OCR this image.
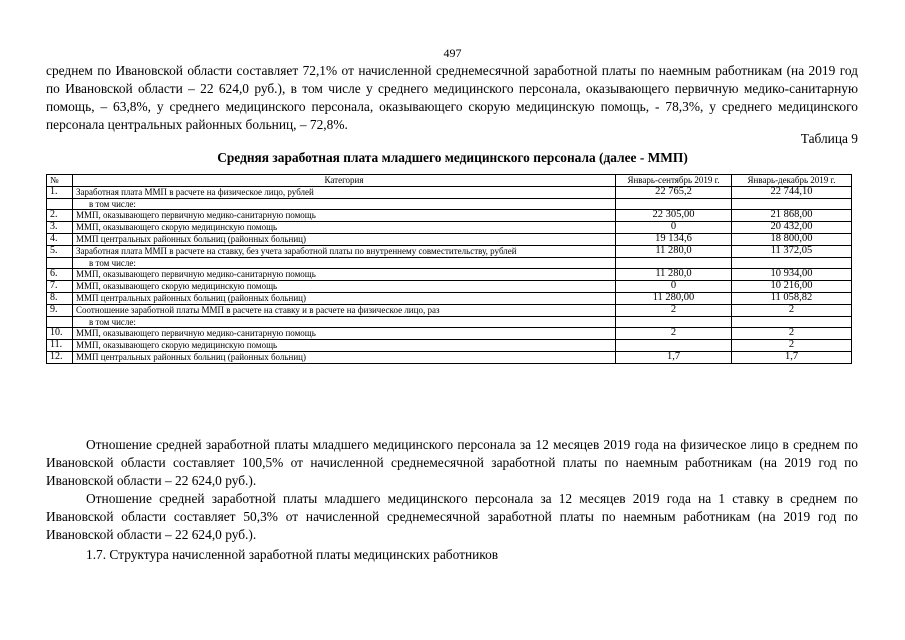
497
среднем по Ивановской области составляет 72,1% от начисленной среднемесячной заработной платы по наемным работникам (на 2019 год по Ивановской области – 22 624,0 руб.), в том числе у среднего медицинского персонала, оказывающего первичную медико-санитарную помощь, – 63,8%, у среднего медицинского персонала, оказывающего скорую медицинскую помощь, - 78,3%, у среднего медицинского персонала центральных районных больниц, – 72,8%.
Таблица 9
Средняя заработная плата младшего медицинского персонала (далее - ММП)
№	Категория	Январь-сентябрь 2019 г.	Январь-декабрь 2019 г.
1.	Заработная плата ММП в расчете на физическое лицо, рублей	22 765,2	22 744,10
	в том числе:		
2.	ММП, оказывающего первичную медико-санитарную помощь	22 305,00	21 868,00
3.	ММП, оказывающего скорую медицинскую помощь	0	20 432,00
4.	ММП центральных районных больниц (районных больниц)	19 134,6	18 800,00
5.	Заработная плата ММП в расчете на ставку, без учета заработной платы по внутреннему совместительству, рублей	11 280,0	11 372,05
	в том числе:		
6.	ММП, оказывающего первичную медико-санитарную помощь	11 280,0	10 934,00
7.	ММП, оказывающего скорую медицинскую помощь	0	10 216,00
8.	ММП центральных районных больниц (районных больниц)	11 280,00	11 058,82
9.	Соотношение заработной платы ММП в расчете на ставку и в расчете на физическое лицо, раз	2	2
	в том числе:		
10.	ММП, оказывающего первичную медико-санитарную помощь	2	2
11.	ММП, оказывающего скорую медицинскую помощь		2
12.	ММП центральных районных больниц (районных больниц)	1,7	1,7
Отношение средней заработной платы младшего медицинского персонала за 12 месяцев 2019 года на физическое лицо в среднем по Ивановской области составляет 100,5% от начисленной среднемесячной заработной платы по наемным работникам (на 2019 год по Ивановской области – 22 624,0 руб.).
Отношение средней заработной платы младшего медицинского персонала за 12 месяцев 2019 года на 1 ставку в среднем по Ивановской области составляет 50,3% от начисленной среднемесячной заработной платы по наемным работникам (на 2019 год по Ивановской области – 22 624,0 руб.).
1.7. Структура начисленной заработной платы медицинских работников
